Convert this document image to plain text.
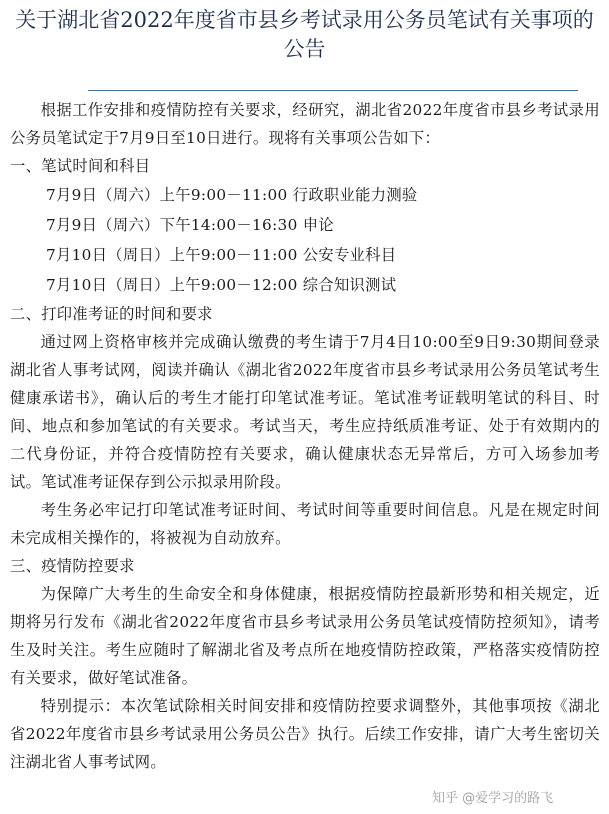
关于湖北省2022年度省市县乡考试录用公务员笔试有关事项的
公告

根据工作安排和疫情防控有关要求，经研究，湖北省2022年度省市县乡考试录用公务员笔试定于7月9日至10日进行。现将有关事项公告如下：

一、笔试时间和科目

7月9日（周六）上午9:00－11:00 行政职业能力测验

7月9日（周六）下午14:00－16:30 申论

7月10日（周日）上午9:00－11:00 公安专业科目

7月10日（周日）上午9:00－12:00 综合知识测试

二、打印准考证的时间和要求

通过网上资格审核并完成确认缴费的考生请于7月4日10:00至9日9:30期间登录湖北省人事考试网，阅读并确认《湖北省2022年度省市县乡考试录用公务员笔试考生健康承诺书》，确认后的考生才能打印笔试准考证。笔试准考证载明笔试的科目、时间、地点和参加笔试的有关要求。考试当天，考生应持纸质准考证、处于有效期内的二代身份证，并符合疫情防控有关要求，确认健康状态无异常后，方可入场参加考试。笔试准考证保存到公示拟录用阶段。

考生务必牢记打印笔试准考证时间、考试时间等重要时间信息。凡是在规定时间未完成相关操作的，将被视为自动放弃。

三、疫情防控要求

为保障广大考生的生命安全和身体健康，根据疫情防控最新形势和相关规定，近期将另行发布《湖北省2022年度省市县乡考试录用公务员笔试疫情防控须知》，请考生及时关注。考生应随时了解湖北省及考点所在地疫情防控政策，严格落实疫情防控有关要求，做好笔试准备。

特别提示：本次笔试除相关时间安排和疫情防控要求调整外，其他事项按《湖北省2022年度省市县乡考试录用公务员公告》执行。后续工作安排，请广大考生密切关注湖北省人事考试网。

知乎 @爱学习的路飞
